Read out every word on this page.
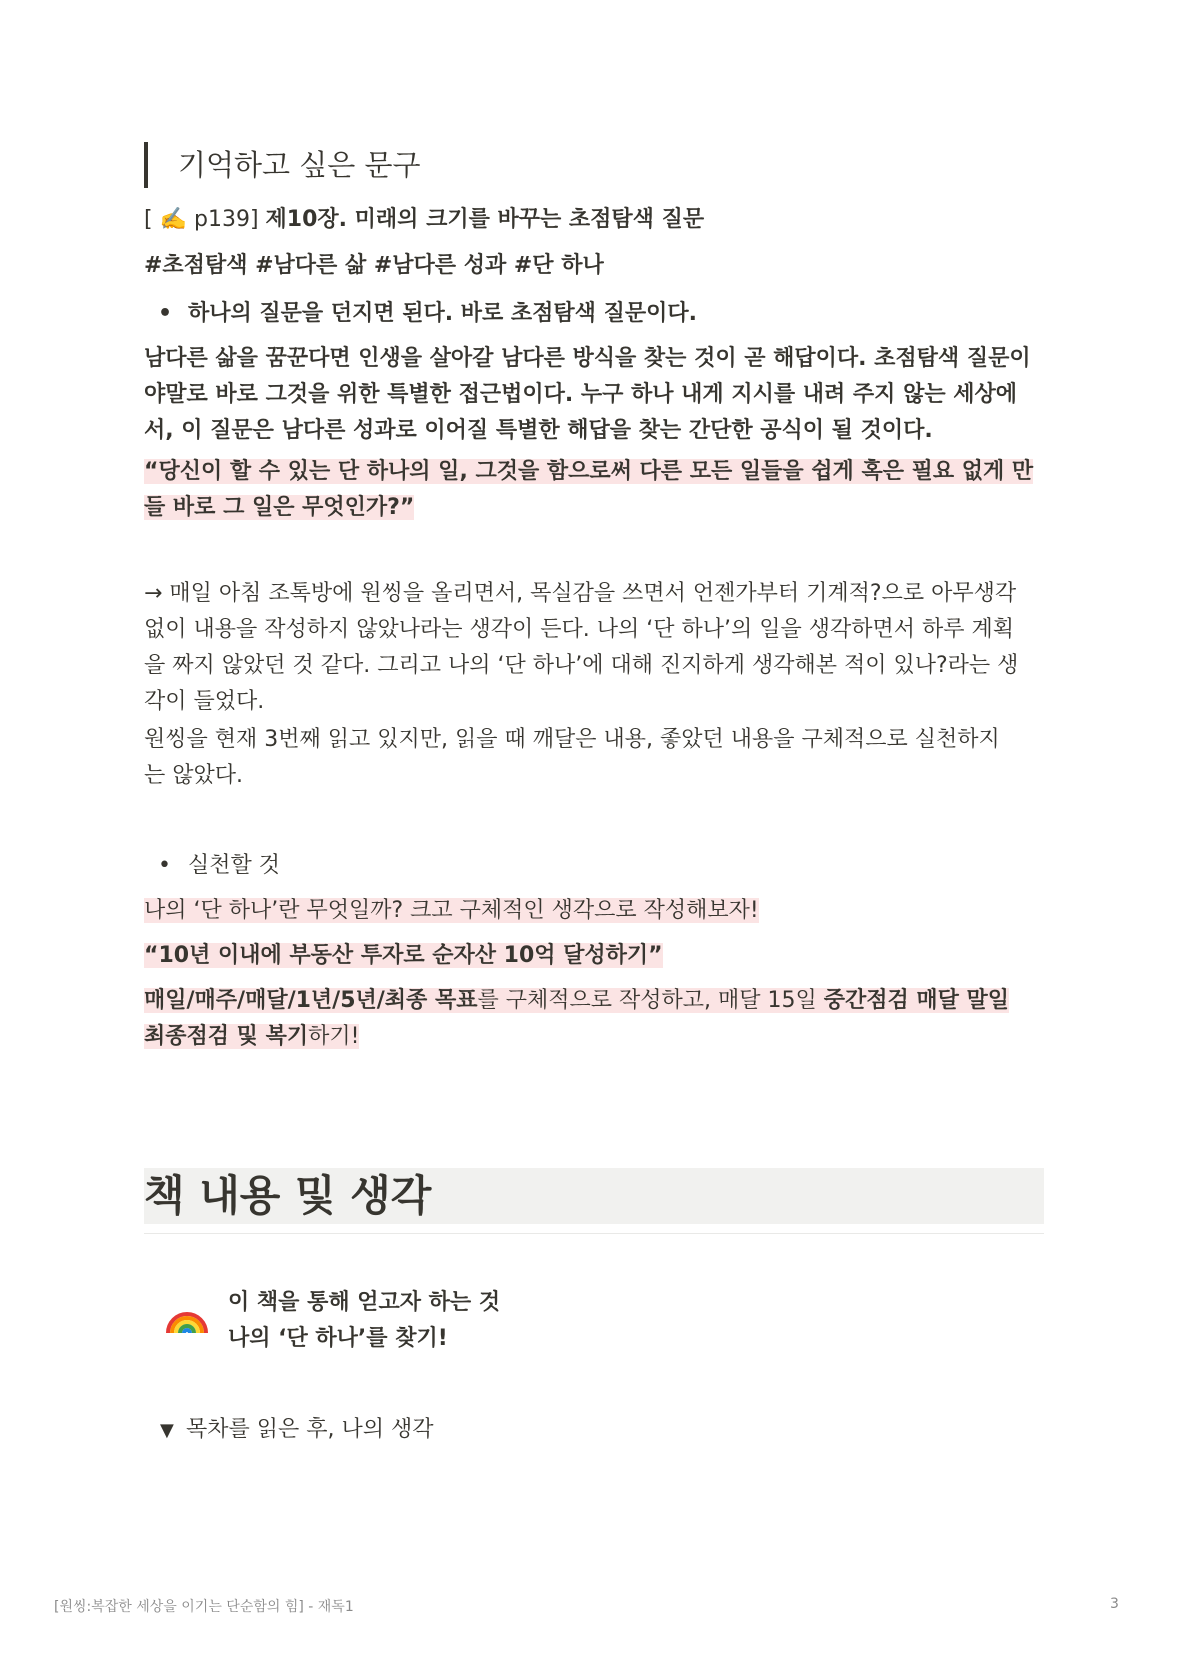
기억하고 싶은 문구
[ ✍️ p139] 제10장. 미래의 크기를 바꾸는 초점탐색 질문
#초점탐색 #남다른 삶 #남다른 성과 #단 하나
• 하나의 질문을 던지면 된다. 바로 초점탐색 질문이다.
남다른 삶을 꿈꾼다면 인생을 살아갈 남다른 방식을 찾는 것이 곧 해답이다. 초점탐색 질문이
야말로 바로 그것을 위한 특별한 접근법이다. 누구 하나 내게 지시를 내려 주지 않는 세상에
서, 이 질문은 남다른 성과로 이어질 특별한 해답을 찾는 간단한 공식이 될 것이다.
“당신이 할 수 있는 단 하나의 일, 그것을 함으로써 다른 모든 일들을 쉽게 혹은 필요 없게 만
들 바로 그 일은 무엇인가?”
→ 매일 아침 조톡방에 원씽을 올리면서, 목실감을 쓰면서 언젠가부터 기계적?으로 아무생각
없이 내용을 작성하지 않았나라는 생각이 든다. 나의 ‘단 하나’의 일을 생각하면서 하루 계획
을 짜지 않았던 것 같다. 그리고 나의 ‘단 하나’에 대해 진지하게 생각해본 적이 있나?라는 생
각이 들었다.
원씽을 현재 3번째 읽고 있지만, 읽을 때 깨달은 내용, 좋았던 내용을 구체적으로 실천하지
는 않았다.
• 실천할 것
나의 ‘단 하나’란 무엇일까? 크고 구체적인 생각으로 작성해보자!
“10년 이내에 부동산 투자로 순자산 10억 달성하기”
매일/매주/매달/1년/5년/최종 목표를 구체적으로 작성하고, 매달 15일 중간점검 매달 말일
최종점검 및 복기하기!
책 내용 및 생각
이 책을 통해 얻고자 하는 것
나의 ‘단 하나’를 찾기!
▼ 목차를 읽은 후, 나의 생각
[원씽:복잡한 세상을 이기는 단순함의 힘] - 재독1	3
